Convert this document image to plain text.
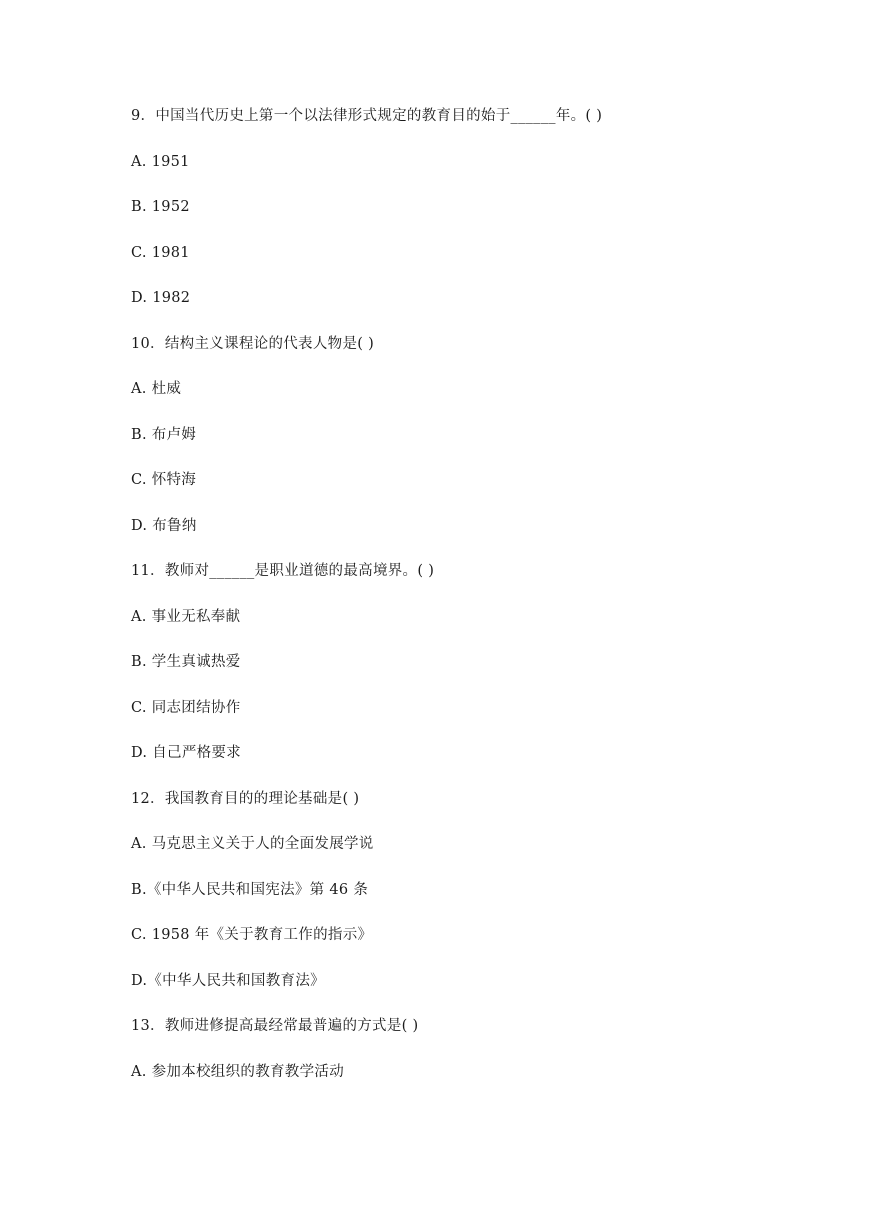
9．中国当代历史上第一个以法律形式规定的教育目的始于______年。( )
A. 1951
B. 1952
C. 1981
D. 1982
10．结构主义课程论的代表人物是( )
A. 杜威
B. 布卢姆
C. 怀特海
D. 布鲁纳
11．教师对______是职业道德的最高境界。( )
A. 事业无私奉献
B. 学生真诚热爱
C. 同志团结协作
D. 自己严格要求
12．我国教育目的的理论基础是( )
A. 马克思主义关于人的全面发展学说
B.《中华人民共和国宪法》第 46 条
C. 1958 年《关于教育工作的指示》
D.《中华人民共和国教育法》
13．教师进修提高最经常最普遍的方式是( )
A. 参加本校组织的教育教学活动
